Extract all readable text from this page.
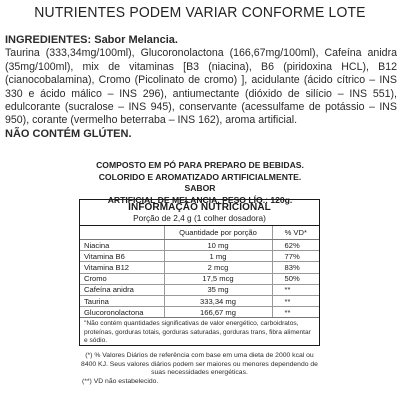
NUTRIENTES PODEM VARIAR CONFORME LOTE
INGREDIENTES: Sabor Melancia.
Taurina (333,34mg/100ml), Glucoronolactona (166,67mg/100ml), Cafeína anidra (35mg/100ml), mix de vitaminas [B3 (niacina), B6 (piridoxina HCL), B12 (cianocobalamina), Cromo (Picolinato de cromo) ], acidulante (ácido cítrico – INS 330 e ácido málico – INS 296), antiumectante (dióxido de silício – INS 551), edulcorante (sucralose – INS 945), conservante (acessulfame de potássio – INS 950), corante (vermelho beterraba – INS 162), aroma artificial.
NÃO CONTÉM GLÚTEN.
COMPOSTO EM PÓ PARA PREPARO DE BEBIDAS.
COLORIDO E AROMATIZADO ARTIFICIALMENTE. SABOR
ARTIFICIAL DE MELANCIA. PESO LÍQ.: 120g.
INFORMAÇÃO NUTRICIONAL
Porção de 2,4 g (1 colher dosadora)
	Quantidade por porção	% VD*
Niacina	10 mg	62%
Vitamina B6	1 mg	77%
Vitamina B12	2 mcg	83%
Cromo	17,5 mcg	50%
Cafeína anidra	35 mg	**
Taurina	333,34 mg	**
Glucoronolactona	166,67 mg	**
"Não contém quantidades significativas de valor energético, carboidratos, proteínas, gorduras totais, gorduras saturadas, gorduras trans, fibra alimentar e sódio.
(*) % Valores Diários de referência com base em uma dieta de 2000 kcal ou 8400 KJ. Seus valores diários podem ser maiores ou menores dependendo de suas necessidades energéticas.
(**) VD não estabelecido.
